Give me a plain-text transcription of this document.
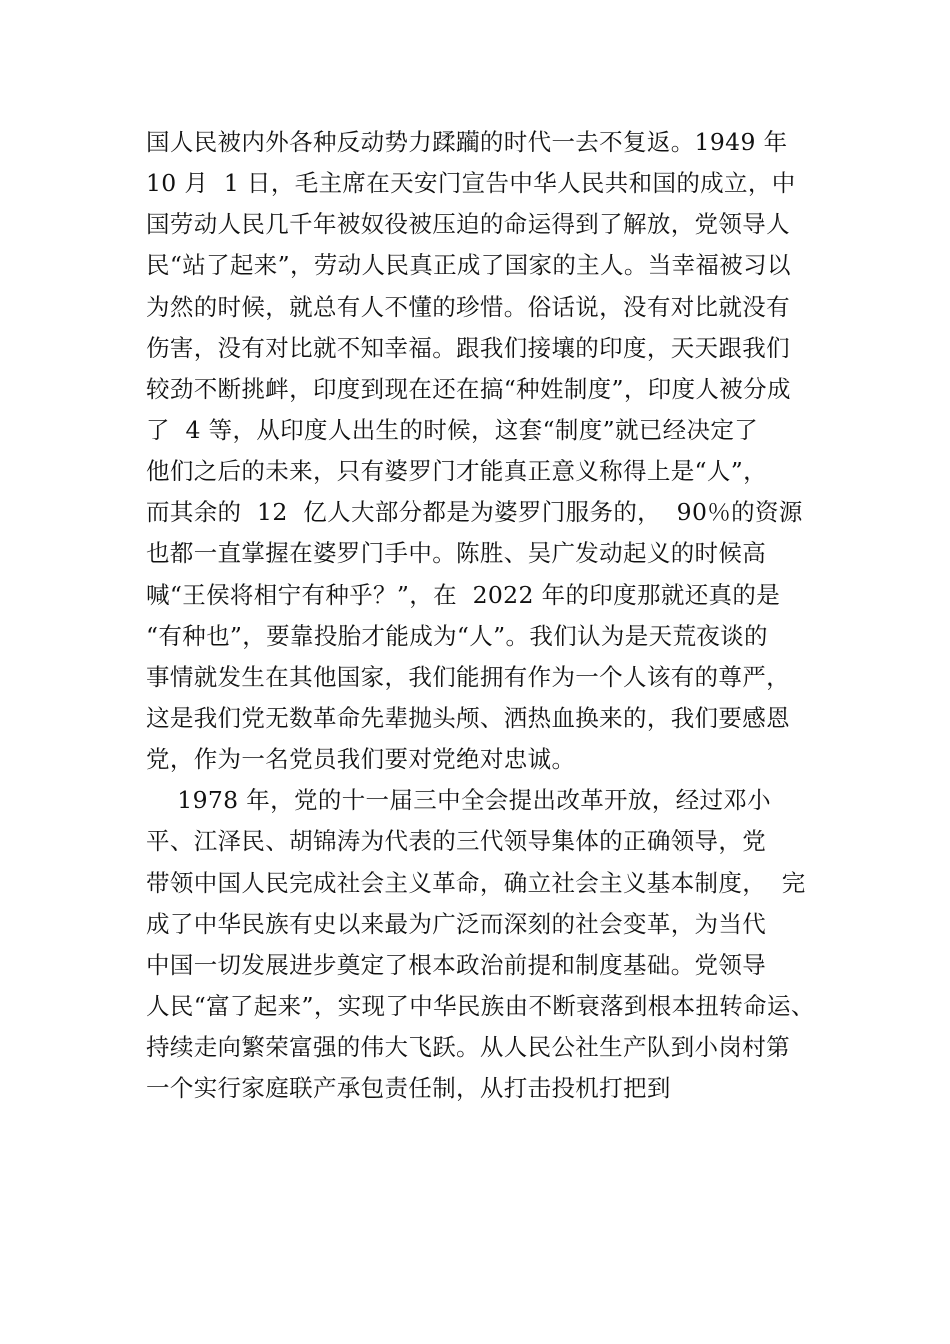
国人民被内外各种反动势力蹂躏的时代一去不复返。1949 年
10 月  1 日，毛主席在天安门宣告中华人民共和国的成立，中
国劳动人民几千年被奴役被压迫的命运得到了解放，党领导人
民“站了起来”，劳动人民真正成了国家的主人。当幸福被习以
为然的时候，就总有人不懂的珍惜。俗话说，没有对比就没有
伤害，没有对比就不知幸福。跟我们接壤的印度，天天跟我们
较劲不断挑衅，印度到现在还在搞“种姓制度”，印度人被分成
了  4 等，从印度人出生的时候，这套“制度”就已经决定了
他们之后的未来，只有婆罗门才能真正意义称得上是“人”，
而其余的  12  亿人大部分都是为婆罗门服务的，  90％的资源
也都一直掌握在婆罗门手中。陈胜、吴广发动起义的时候高
喊“王侯将相宁有种乎？”，在  2022 年的印度那就还真的是
“有种也”，要靠投胎才能成为“人”。我们认为是天荒夜谈的
事情就发生在其他国家，我们能拥有作为一个人该有的尊严，
这是我们党无数革命先辈抛头颅、洒热血换来的，我们要感恩
党，作为一名党员我们要对党绝对忠诚。
1978 年，党的十一届三中全会提出改革开放，经过邓小
平、江泽民、胡锦涛为代表的三代领导集体的正确领导，党
带领中国人民完成社会主义革命，确立社会主义基本制度，  完
成了中华民族有史以来最为广泛而深刻的社会变革，为当代
中国一切发展进步奠定了根本政治前提和制度基础。党领导
人民“富了起来”，实现了中华民族由不断衰落到根本扭转命运、
持续走向繁荣富强的伟大飞跃。从人民公社生产队到小岗村第
一个实行家庭联产承包责任制，从打击投机打把到
